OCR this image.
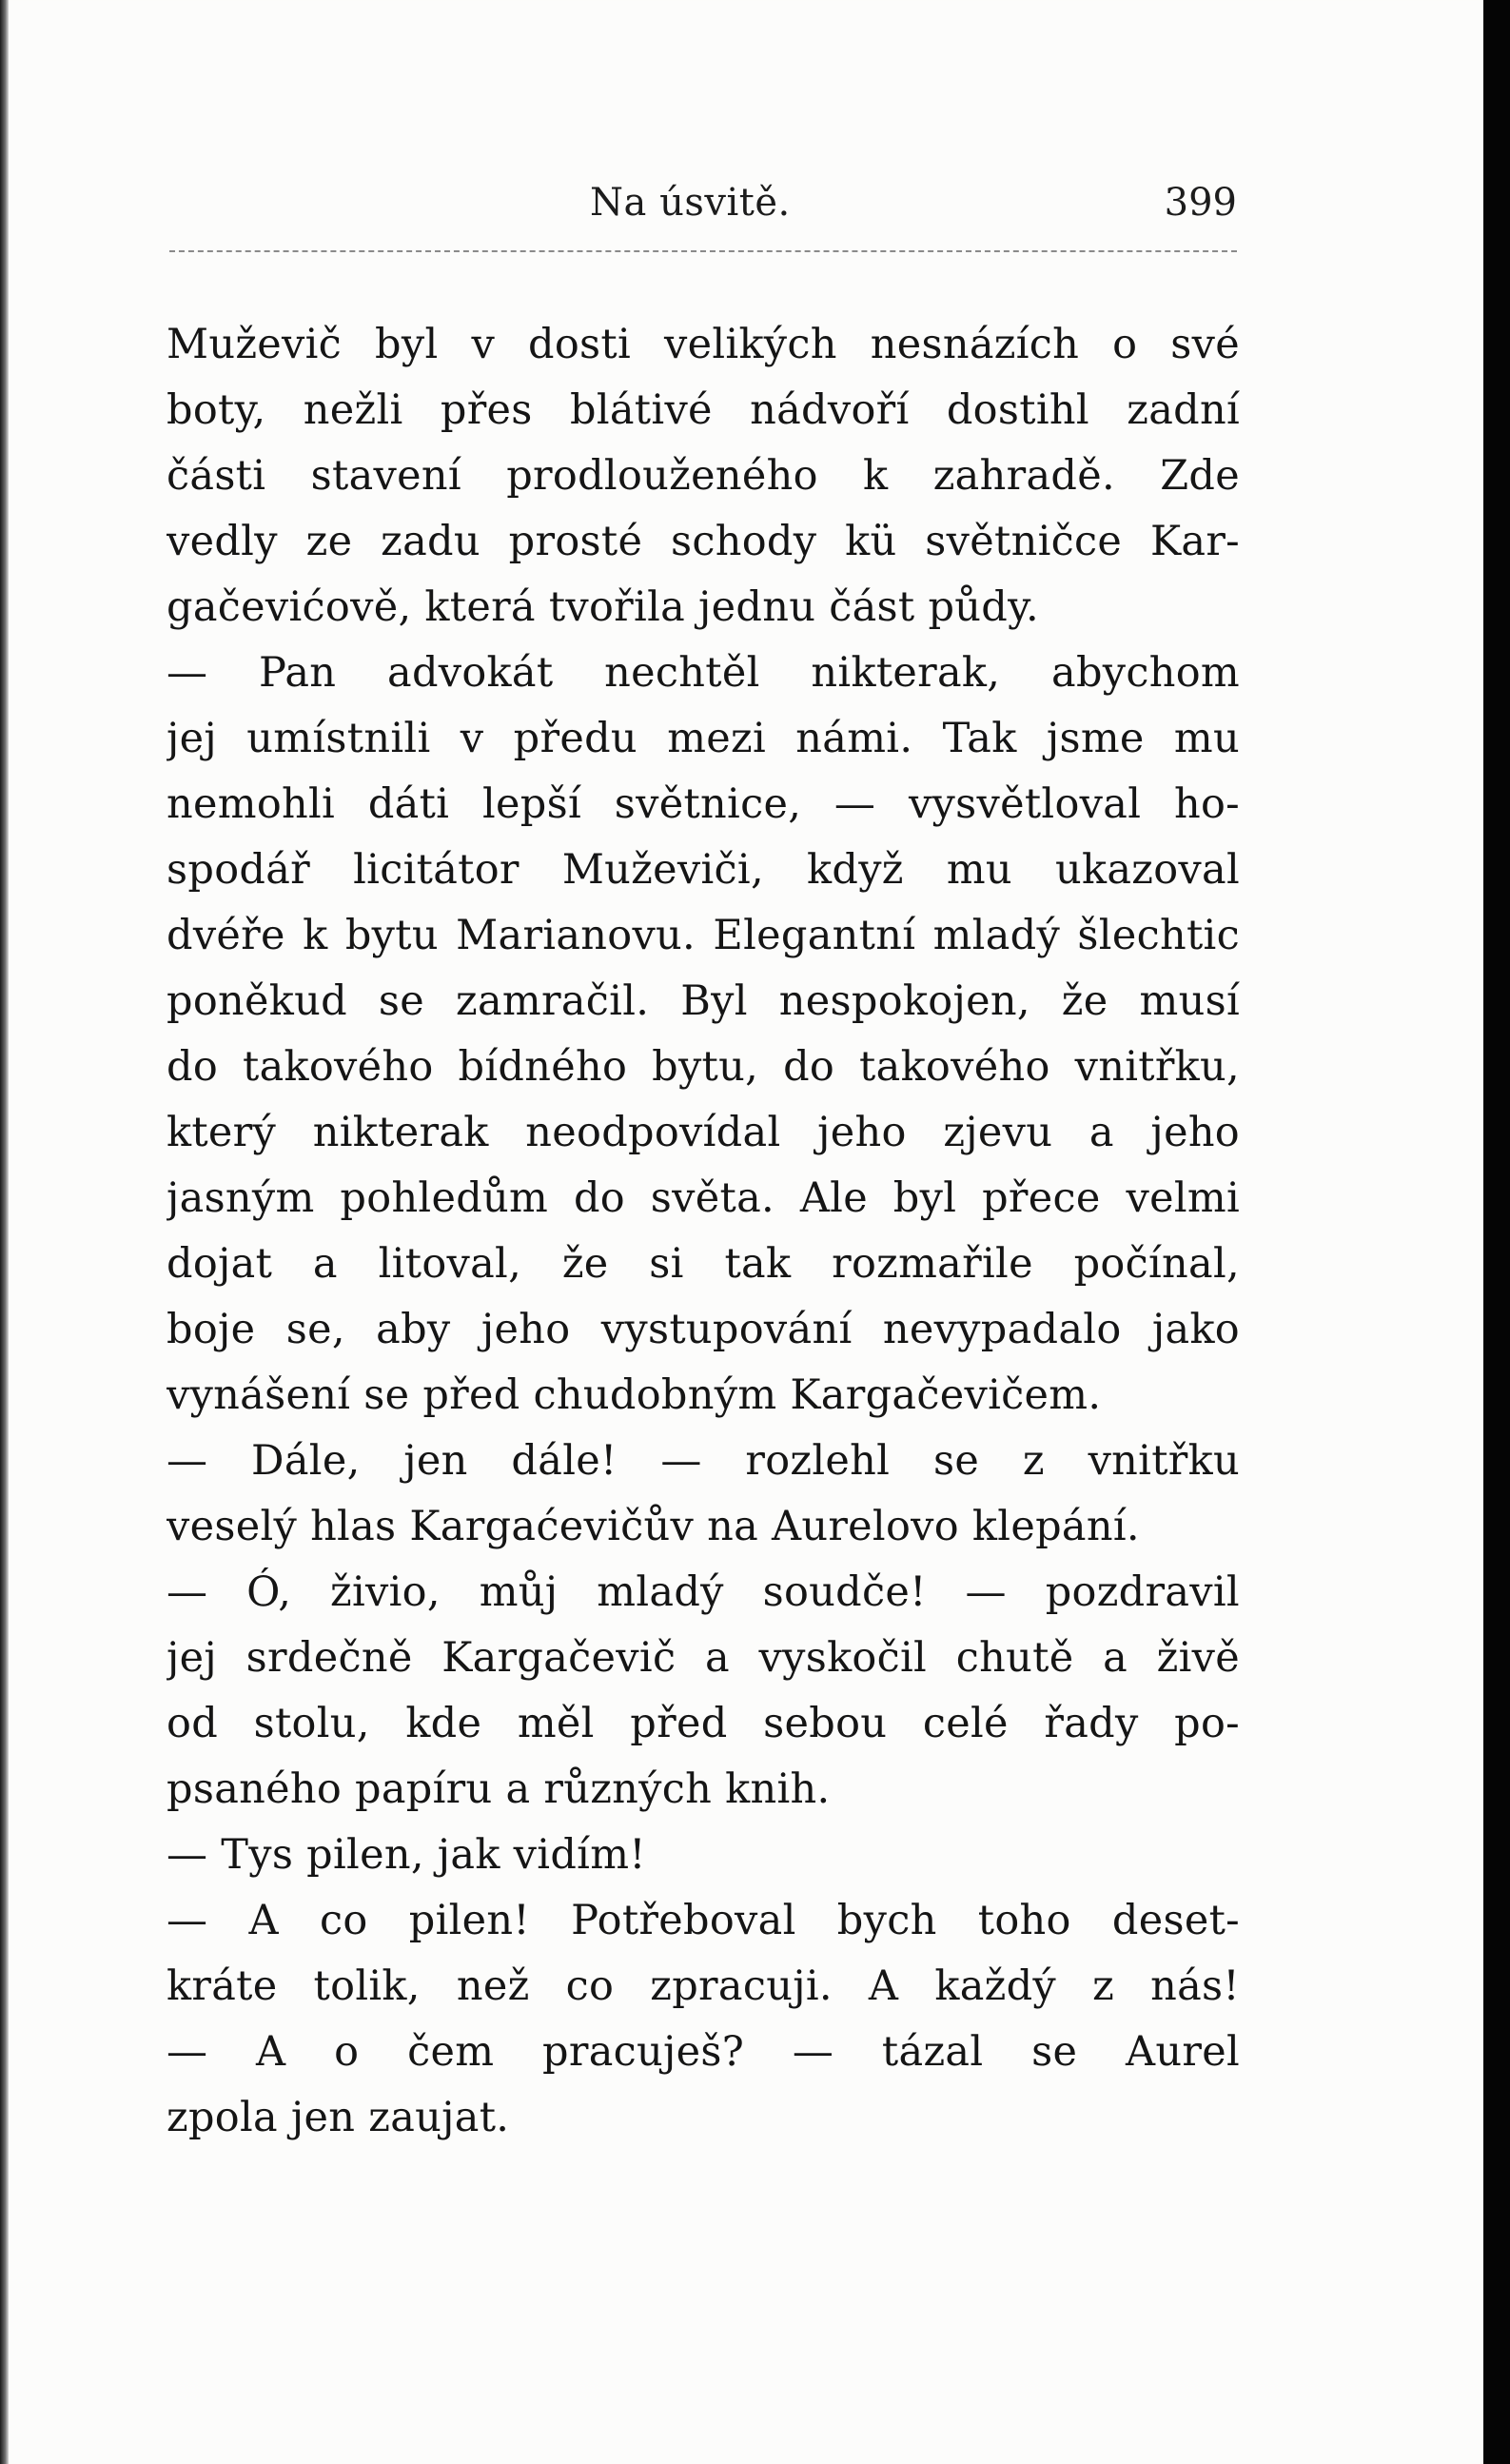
Na úsvitě.	399
Muževič byl v dosti velikých nesnázích o své
boty, nežli přes blátivé nádvoří dostihl zadní
části stavení prodlouženého k zahradě. Zde
vedly ze zadu prosté schody kü světničce Kar-
gačevićově, která tvořila jednu část půdy.
— Pan advokát nechtěl nikterak, abychom
jej umístnili v předu mezi námi. Tak jsme mu
nemohli dáti lepší světnice, — vysvětloval ho-
spodář licitátor Muževiči, když mu ukazoval
dvéře k bytu Marianovu. Elegantní mladý šlechtic
poněkud se zamračil. Byl nespokojen, že musí
do takového bídného bytu, do takového vnitřku,
který nikterak neodpovídal jeho zjevu a jeho
jasným pohledům do světa. Ale byl přece velmi
dojat a litoval, že si tak rozmařile počínal,
boje se, aby jeho vystupování nevypadalo jako
vynášení se před chudobným Kargačevičem.
— Dále, jen dále! — rozlehl se z vnitřku
veselý hlas Kargaćevičův na Aurelovo klepání.
— Ó, živio, můj mladý soudče! — pozdravil
jej srdečně Kargačevič a vyskočil chutě a živě
od stolu, kde měl před sebou celé řady po-
psaného papíru a různých knih.
— Tys pilen, jak vidím!
— A co pilen! Potřeboval bych toho deset-
kráte tolik, než co zpracuji. A každý z nás!
— A o čem pracuješ? — tázal se Aurel
zpola jen zaujat.
